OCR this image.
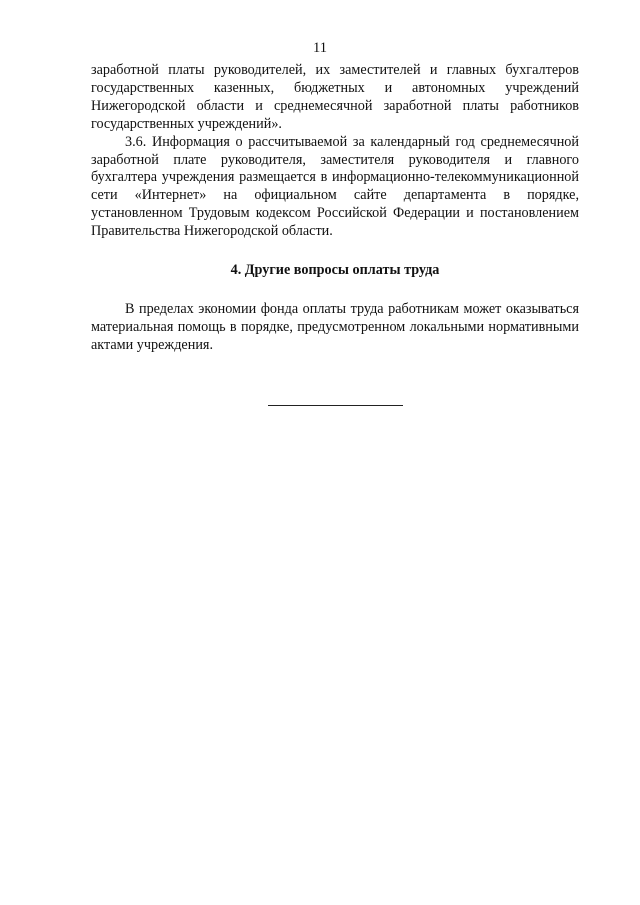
11

заработной платы руководителей, их заместителей и главных бухгалтеров государственных казенных, бюджетных и автономных учреждений Нижегородской области и среднемесячной заработной платы работников государственных учреждений».

3.6. Информация о рассчитываемой за календарный год среднемесячной заработной плате руководителя, заместителя руководителя и главного бухгалтера учреждения размещается в информационно-телекоммуникационной сети «Интернет» на официальном сайте департамента в порядке, установленном Трудовым кодексом Российской Федерации и постановлением Правительства Нижегородской области.

4. Другие вопросы оплаты труда

В пределах экономии фонда оплаты труда работникам может оказываться материальная помощь в порядке, предусмотренном локальными нормативными актами учреждения.
